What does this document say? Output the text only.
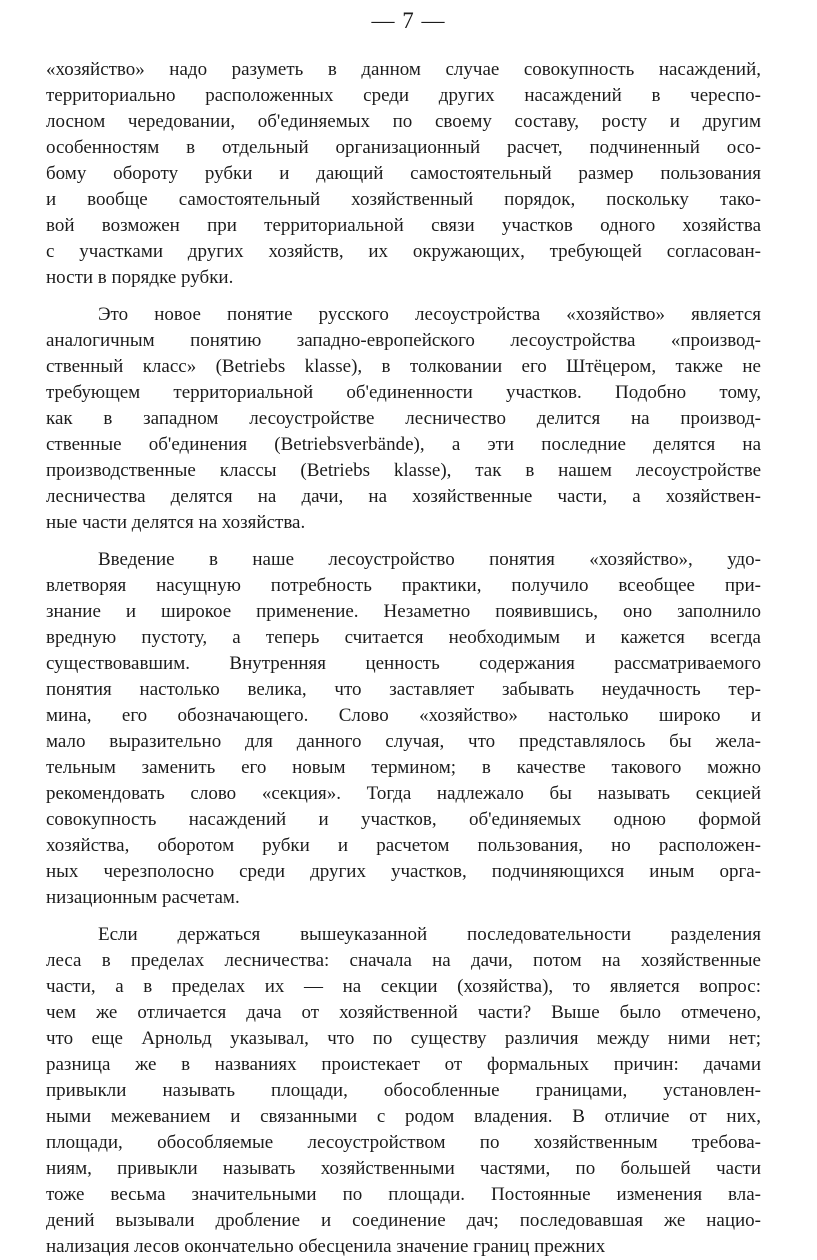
— 7 —
«хозяйство» надо разуметь в данном случае совокупность насаждений,
территориально расположенных среди других насаждений в череспо-
лосном чередовании, об'единяемых по своему составу, росту и другим
особенностям в отдельный организационный расчет, подчиненный осо-
бому обороту рубки и дающий самостоятельный размер пользования
и вообще самостоятельный хозяйственный порядок, поскольку тако-
вой возможен при территориальной связи участков одного хозяйства
с участками других хозяйств, их окружающих, требующей согласован-
ности в порядке рубки.
Это новое понятие русского лесоустройства «хозяйство» является
аналогичным понятию западно-европейского лесоустройства «производ-
ственный класс» (Betriebs klasse), в толковании его Штёцером, также не
требующем территориальной об'единенности участков. Подобно тому,
как в западном лесоустройстве лесничество делится на производ-
ственные об'единения (Betriebsverbände), а эти последние делятся на
производственные классы (Betriebs klasse), так в нашем лесоустройстве
лесничества делятся на дачи, на хозяйственные части, а хозяйствен-
ные части делятся на хозяйства.
Введение в наше лесоустройство понятия «хозяйство», удо-
влетворяя насущную потребность практики, получило всеобщее при-
знание и широкое применение. Незаметно появившись, оно заполнило
вредную пустоту, а теперь считается необходимым и кажется всегда
существовавшим. Внутренняя ценность содержания рассматриваемого
понятия настолько велика, что заставляет забывать неудачность тер-
мина, его обозначающего. Слово «хозяйство» настолько широко и
мало выразительно для данного случая, что представлялось бы жела-
тельным заменить его новым термином; в качестве такового можно
рекомендовать слово «секция». Тогда надлежало бы называть секцией
совокупность насаждений и участков, об'единяемых одною формой
хозяйства, оборотом рубки и расчетом пользования, но расположен-
ных черезполосно среди других участков, подчиняющихся иным орга-
низационным расчетам.
Если держаться вышеуказанной последовательности разделения
леса в пределах лесничества: сначала на дачи, потом на хозяйственные
части, а в пределах их — на секции (хозяйства), то является вопрос:
чем же отличается дача от хозяйственной части? Выше было отмечено,
что еще Арнольд указывал, что по существу различия между ними нет;
разница же в названиях проистекает от формальных причин: дачами
привыкли называть площади, обособленные границами, установлен-
ными межеванием и связанными с родом владения. В отличие от них,
площади, обособляемые лесоустройством по хозяйственным требова-
ниям, привыкли называть хозяйственными частями, по большей части
тоже весьма значительными по площади. Постоянные изменения вла-
дений вызывали дробление и соединение дач; последовавшая же нацио-
нализация лесов окончательно обесценила значение границ прежних
